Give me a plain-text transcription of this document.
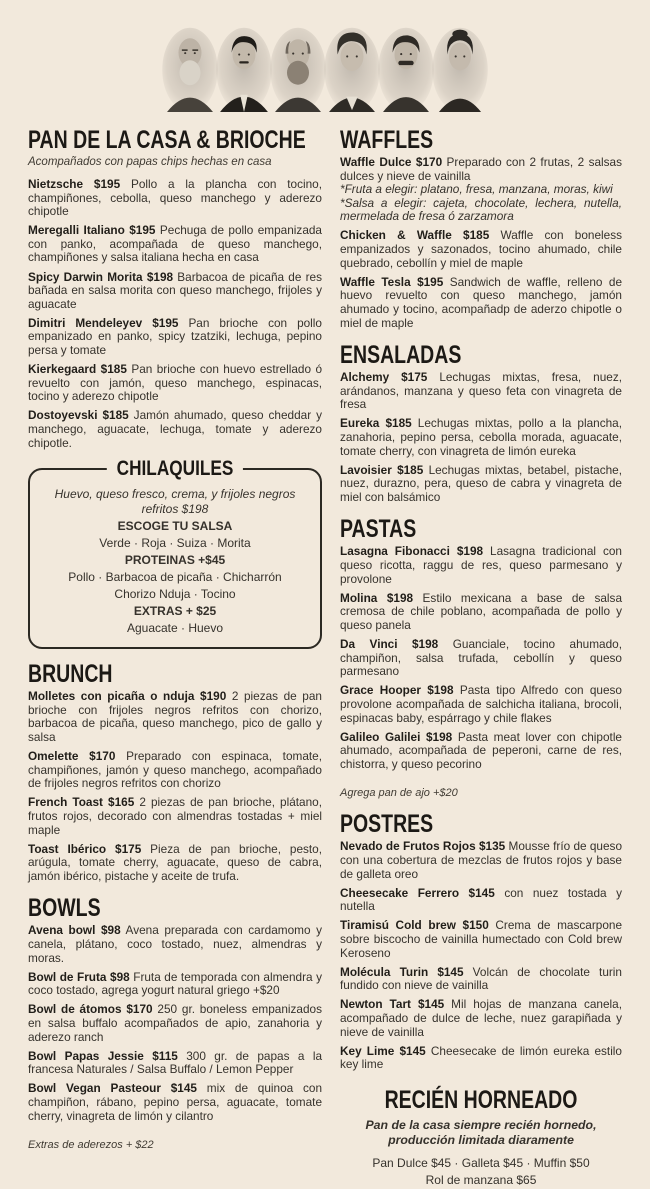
PAN DE LA CASA & BRIOCHE

Acompañados con papas chips hechas en casa

Nietzsche $195 Pollo a la plancha con tocino, champiñones, cebolla, queso manchego y aderezo chipotle

Meregalli Italiano $195 Pechuga de pollo empanizada con panko, acompañada de queso manchego, champiñones y salsa italiana hecha en casa

Spicy Darwin Morita $198 Barbacoa de picaña de res bañada en salsa morita con queso manchego, frijoles y aguacate

Dimitri Mendeleyev $195 Pan brioche con pollo empanizado en panko, spicy tzatziki, lechuga, pepino persa y tomate

Kierkegaard $185 Pan brioche con huevo estrellado ó revuelto con jamón, queso manchego, espinacas, tocino y aderezo chipotle

Dostoyevski $185 Jamón ahumado, queso cheddar y manchego, aguacate, lechuga, tomate y aderezo chipotle.

CHILAQUILES

Huevo, queso fresco, crema, y frijoles negros refritos $198

ESCOGE TU SALSA

Verde · Roja · Suiza · Morita

PROTEINAS +$45

Pollo · Barbacoa de picaña · Chicharrón

Chorizo Nduja · Tocino

EXTRAS + $25

Aguacate · Huevo

BRUNCH

Molletes con picaña o nduja $190 2 piezas de pan brioche con frijoles negros refritos con chorizo, barbacoa de picaña, queso manchego, pico de gallo y salsa

Omelette $170 Preparado con espinaca, tomate, champiñones, jamón y queso manchego, acompañado de frijoles negros refritos con chorizo

French Toast $165 2 piezas de pan brioche, plátano, frutos rojos, decorado con almendras tostadas + miel maple

Toast Ibérico $175 Pieza de pan brioche, pesto, arúgula, tomate cherry, aguacate, queso de cabra, jamón ibérico, pistache y aceite de trufa.

BOWLS

Avena bowl $98 Avena preparada con cardamomo y canela, plátano, coco tostado, nuez, almendras y moras.

Bowl de Fruta $98 Fruta de temporada con almendra y coco tostado, agrega yogurt natural griego +$20

Bowl de átomos $170 250 gr. boneless empanizados en salsa buffalo acompañados de apio, zanahoria y aderezo ranch

Bowl Papas Jessie $115 300 gr. de papas a la francesa Naturales / Salsa Buffalo / Lemon Pepper

Bowl Vegan Pasteour $145 mix de quinoa con champiñon, rábano, pepino persa, aguacate, tomate cherry, vinagreta de limón y cilantro

Extras de aderezos + $22

WAFFLES

Waffle Dulce $170 Preparado con 2 frutas, 2 salsas dulces y nieve de vainilla
*Fruta a elegir: platano, fresa, manzana, moras, kiwi
*Salsa a elegir: cajeta, chocolate, lechera, nutella, mermelada de fresa ó zarzamora

Chicken & Waffle $185 Waffle con boneless empanizados y sazonados, tocino ahumado, chile quebrado, cebollín y miel de maple

Waffle Tesla $195 Sandwich de waffle, relleno de huevo revuelto con queso manchego, jamón ahumado y tocino, acompañadp de aderzo chipotle o miel de maple

ENSALADAS

Alchemy $175 Lechugas mixtas, fresa, nuez, arándanos, manzana y queso feta con vinagreta de fresa

Eureka $185 Lechugas mixtas, pollo a la plancha, zanahoria, pepino persa, cebolla morada, aguacate, tomate cherry, con vinagreta de limón eureka

Lavoisier $185 Lechugas mixtas, betabel, pistache, nuez, durazno, pera, queso de cabra y vinagreta de miel con balsámico

PASTAS

Lasagna Fibonacci $198 Lasagna tradicional con queso ricotta, raggu de res, queso parmesano y provolone

Molina $198 Estilo mexicana a base de salsa cremosa de chile poblano, acompañada de pollo y queso panela

Da Vinci $198 Guanciale, tocino ahumado, champiñon, salsa trufada, cebollín y queso parmesano

Grace Hooper $198 Pasta tipo Alfredo con queso provolone acompañada de salchicha italiana, brocoli, espinacas baby, espárrago y chile flakes

Galileo Galilei $198 Pasta meat lover con chipotle ahumado, acompañada de peperoni, carne de res, chistorra, y queso pecorino

Agrega pan de ajo +$20

POSTRES

Nevado de Frutos Rojos $135 Mousse frío de queso con una cobertura de mezclas de frutos rojos y base de galleta oreo

Cheesecake Ferrero $145 con nuez tostada y nutella

Tiramisú Cold brew $150 Crema de mascarpone sobre biscocho de vainilla humectado con Cold brew Keroseno

Molécula Turin $145 Volcán de chocolate turin fundido con nieve de vainilla

Newton Tart $145 Mil hojas de manzana canela, acompañado de dulce de leche, nuez garapiñada y nieve de vainilla

Key Lime $145 Cheesecake de limón eureka estilo key lime

RECIÉN HORNEADO

Pan de la casa siempre recién hornedo, producción limitada diaramente

Pan Dulce $45 · Galleta $45 · Muffin $50

Rol de manzana $65
